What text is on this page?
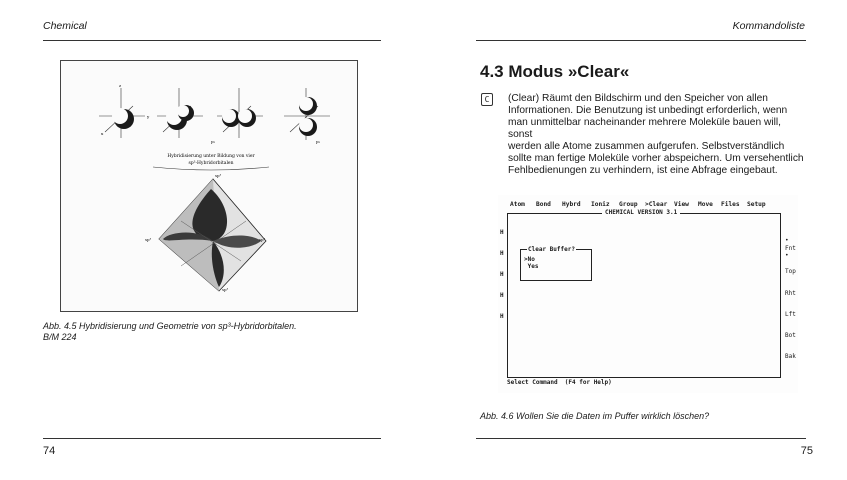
Chemical
z
y
x
p₂	p₂
Hybridisierung unter Bildung von vier
sp³-Hybridorbitalen
sp³
sp³	sp³
sp³
Abb. 4.5 Hybridisierung und Geometrie von sp³-Hybridorbitalen.
B/M 224
74
Kommandoliste
4.3 Modus »Clear«
C	(Clear) Räumt den Bildschirm und den Speicher von allen
Informationen. Die Benutzung ist unbedingt erforderlich, wenn
man unmittelbar nacheinander mehrere Moleküle bauen will, sonst
werden alle Atome zusammen aufgerufen. Selbstverständlich
sollte man fertige Moleküle vorher abspeichern. Um versehentlich
Fehlbedienungen zu verhindern, ist eine Abfrage eingebaut.
Atom Bond Hybrd Ioniz Group >Clear View Move Files Setup
CHEMICAL VERSION 3.1

H

H

H

H

H

Clear Buffer?
>No
Yes
•
Fnt
•
Top
Rht
Lft
Bot
Bak
Select Command  (F4 for Help)
Abb. 4.6 Wollen Sie die Daten im Puffer wirklich löschen?
75
